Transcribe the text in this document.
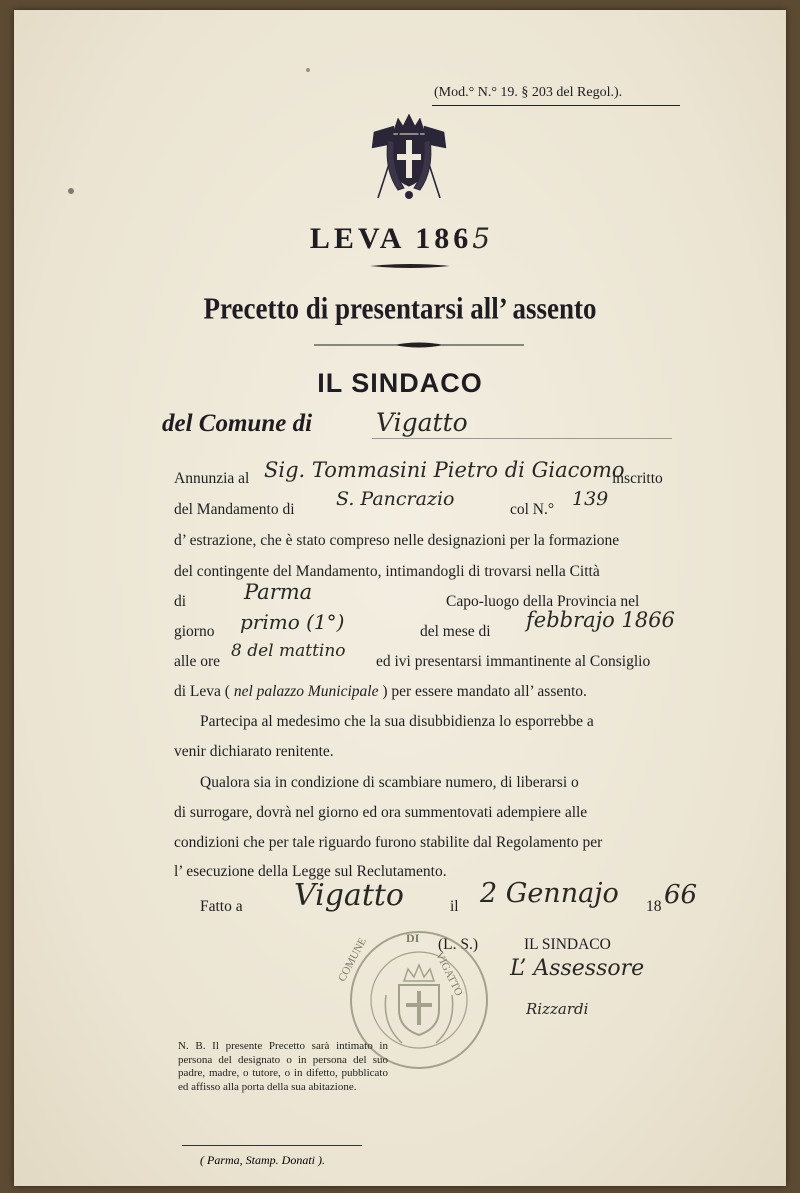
(Mod.° N.° 19. § 203 del Regol.).
LEVA 1865
Precetto di presentarsi all’ assento
IL SINDACO
del Comune di	Vigatto
Annunzia al Sig. Tommasini Pietro di Giacomo
inscritto
del Mandamento di S. Pancrazio	col N.° 139
d’ estrazione, che è stato compreso nelle designazioni per la formazione
del contingente del Mandamento, intimandogli di trovarsi nella Città
di	Parma	Capo-luogo della Provincia nel
giorno primo (1°)	del mese di febbrajo 1866
alle ore
8 del mattino
ed ivi presentarsi immantinente al Consiglio
di Leva ( nel palazzo Municipale ) per essere mandato all’ assento.
Partecipa al medesimo che la sua disubbidienza lo esporrebbe a
venir dichiarato renitente.
Qualora sia in condizione di scambiare numero, di liberarsi o
di surrogare, dovrà nel giorno ed ora summentovati adempiere alle
condizioni che per tale riguardo furono stabilite dal Regolamento per
l’ esecuzione della Legge sul Reclutamento.
Fatto a Vigatto	il 2 Gennajo 18 66
(L. S.)	IL SINDACO
L’ Assessore
Rizzardi
DI
COMUNE	VIGATTO
N. B. Il presente Precetto sarà intimato in persona del designato o in persona del suo padre, madre, o tutore, o in difetto, pubblicato ed affisso alla porta della sua abitazione.
( Parma, Stamp. Donati ).
